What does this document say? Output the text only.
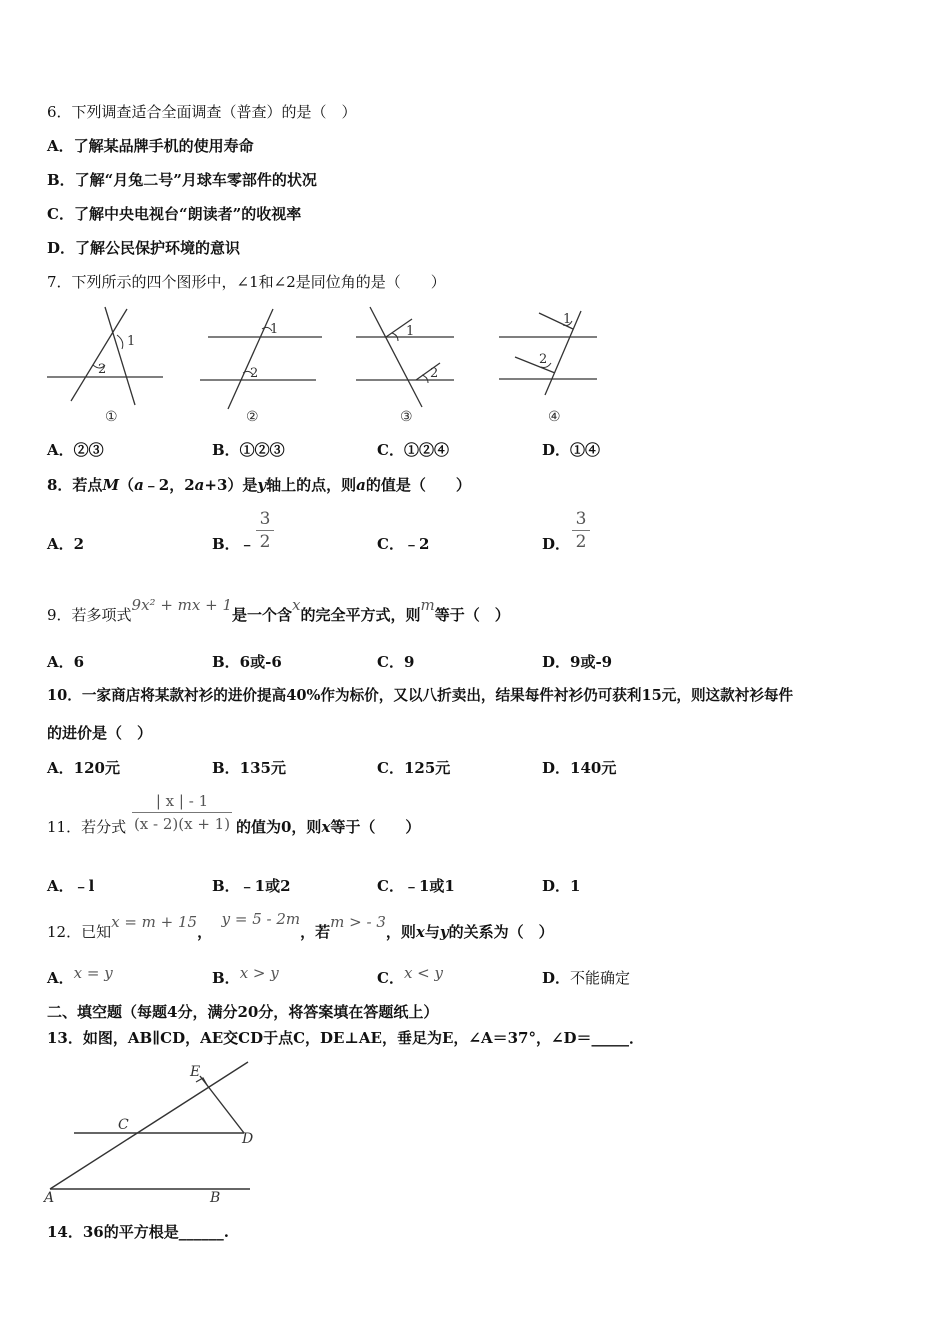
6．下列调查适合全面调查（普查）的是（　）
A．了解某品牌手机的使用寿命
B．了解“月兔二号”月球车零部件的状况
C．了解中央电视台“朗读者”的收视率
D．了解公民保护环境的意识
7．下列所示的四个图形中，∠1和∠2是同位角的是（　　）
1
2
①
1
2
②
1
2
③
1
2
④
A．②③	B．①②③	C．①②④	D．①④
8．若点M（a﹣2，2a+3）是y轴上的点，则a的值是（　　）
A．2	B．﹣
3
2	C．﹣2	D．
3
2
9．若多项式9x² + mx + 1是一个含x的完全平方式，则m等于（　）
A．6	B．6或-6	C．9	D．9或-9
10．一家商店将某款衬衫的进价提高40%作为标价，又以八折卖出，结果每件衬衫仍可获利15元，则这款衬衫每件
的进价是（　）
A．120元	B．135元	C．125元	D．140元
11．若分式
| x | - 1
(x - 2)(x + 1) 的值为0，则x等于（　　）
A．﹣l	B．﹣1或2	C．﹣1或1	D．1
12．已知x = m + 15，  y = 5 - 2m，若m > - 3，则x与y的关系为（　）
A．x = y	B．x > y	C．x < y	D．不能确定
二、填空题（每题4分，满分20分，将答案填在答题纸上）
13．如图，AB∥CD，AE交CD于点C，DE⊥AE，垂足为E，∠A＝37°，∠D＝_____．
E
C
D
A	B
14．36的平方根是______.
